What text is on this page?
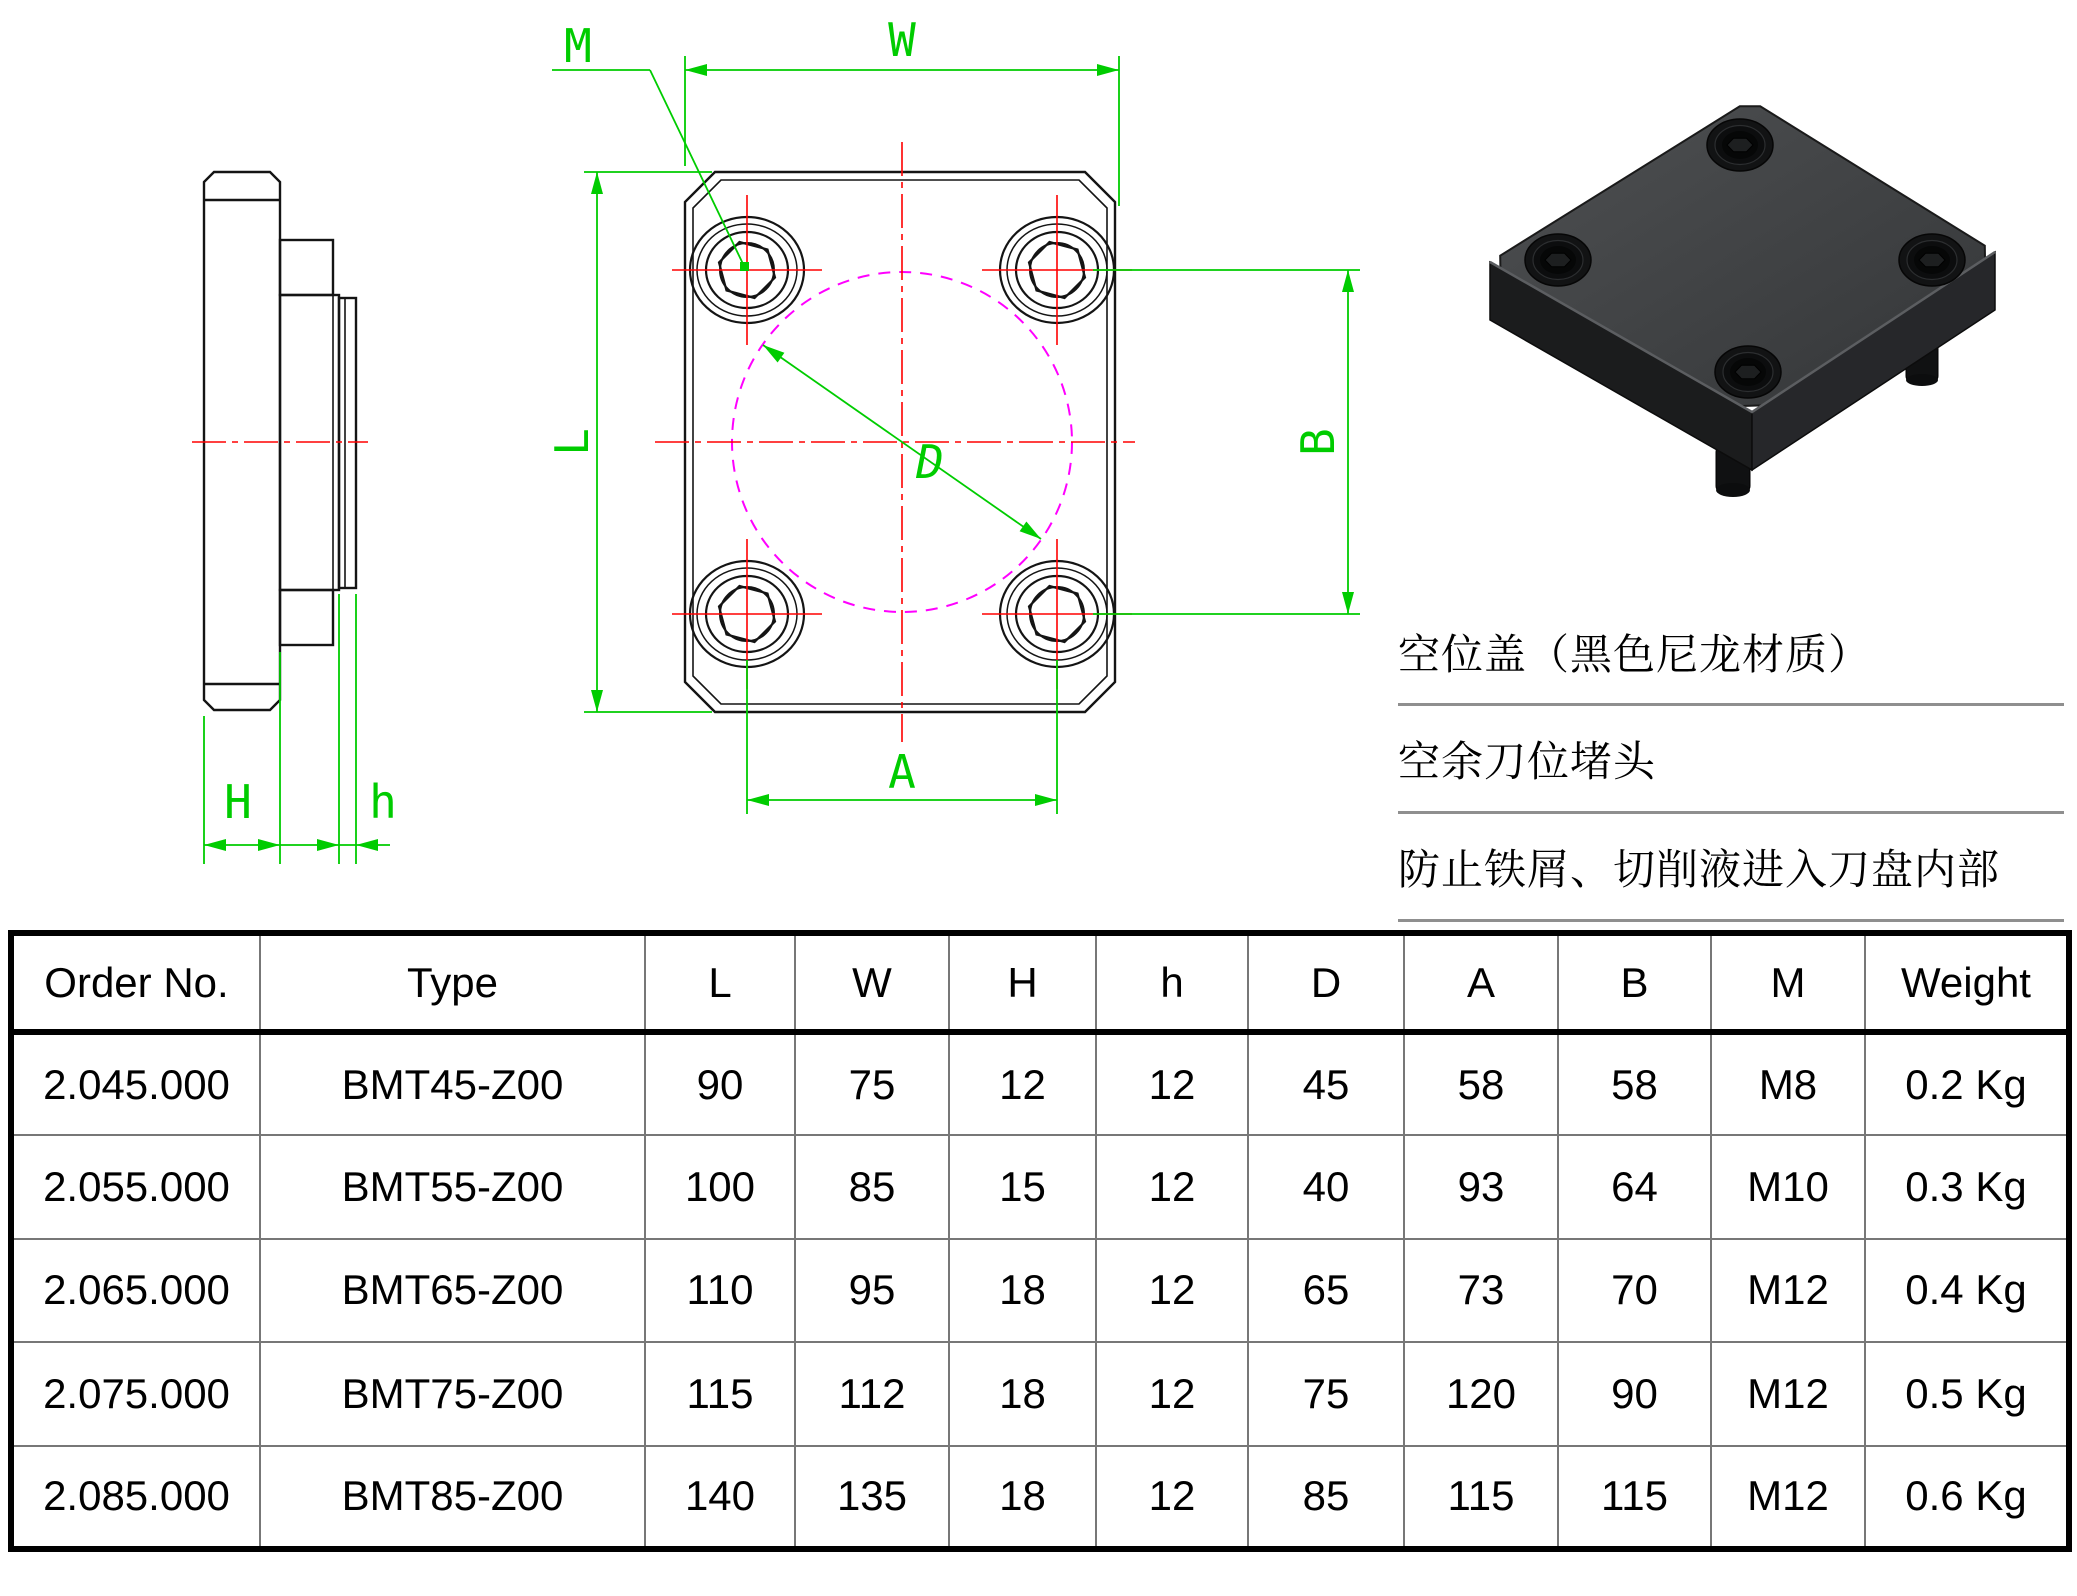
M	W
L
A
B
D
H	h
空位盖（黑色尼龙材质）
空余刀位堵头
防止铁屑、切削液进入刀盘内部
Order No.	Type	L	W	H	h	D	A	B	M	Weight
2.045.000	BMT45-Z00	90	75	12	12	45	58	58	M8	0.2 Kg
2.055.000	BMT55-Z00	100	85	15	12	40	93	64	M10	0.3 Kg
2.065.000	BMT65-Z00	110	95	18	12	65	73	70	M12	0.4 Kg
2.075.000	BMT75-Z00	115	112	18	12	75	120	90	M12	0.5 Kg
2.085.000	BMT85-Z00	140	135	18	12	85	115	115	M12	0.6 Kg
